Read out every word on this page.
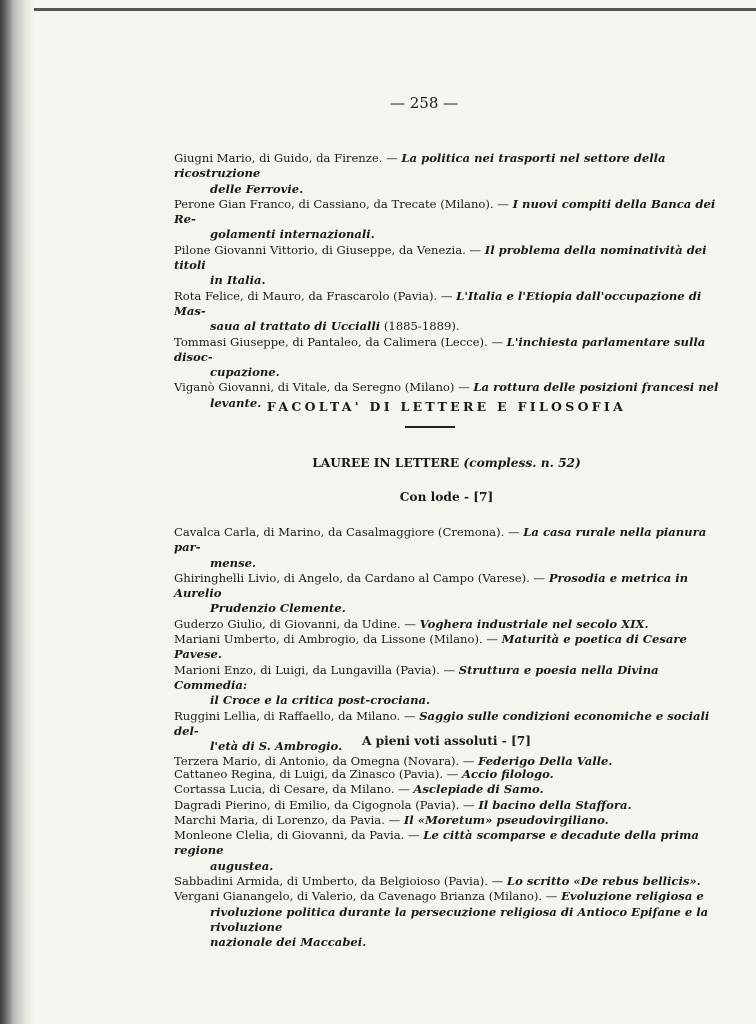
— 258 —

Giugni Mario, di Guido, da Firenze. — La politica nei trasporti nel settore della ricostruzione
delle Ferrovie.

Perone Gian Franco, di Cassiano, da Trecate (Milano). — I nuovi compiti della Banca dei Re-
golamenti internazionali.

Pilone Giovanni Vittorio, di Giuseppe, da Venezia. — Il problema della nominatività dei titoli
in Italia.

Rota Felice, di Mauro, da Frascarolo (Pavia). — L'Italia e l'Etiopia dall'occupazione di Mas-
saua al trattato di Uccialli (1885-1889).

Tommasi Giuseppe, di Pantaleo, da Calimera (Lecce). — L'inchiesta parlamentare sulla disoc-
cupazione.

Viganò Giovanni, di Vitale, da Seregno (Milano) — La rottura delle posizioni francesi nel
levante. FACOLTA' DI LETTERE E FILOSOFIA
LAUREE IN LETTERE (compless. n. 52)
Con lode - [7]

Cavalca Carla, di Marino, da Casalmaggiore (Cremona). — La casa rurale nella pianura par-
mense.

Ghiringhelli Livio, di Angelo, da Cardano al Campo (Varese). — Prosodia e metrica in Aurelio
Prudenzio Clemente.

Guderzo Giulio, di Giovanni, da Udine. — Voghera industriale nel secolo XIX.

Mariani Umberto, di Ambrogio, da Lissone (Milano). — Maturità e poetica di Cesare Pavese.

Marioni Enzo, di Luigi, da Lungavilla (Pavia). — Struttura e poesia nella Divina Commedia:
il Croce e la critica post-crociana.

Ruggini Lellia, di Raffaello, da Milano. — Saggio sulle condizioni economiche e sociali del-
l'età di S. Ambrogio.

Terzera Mario, di Antonio, da Omegna (Novara). — Federigo Della Valle.

A pieni voti assoluti - [7]

Cattaneo Regina, di Luigi, da Zinasco (Pavia). — Accio filologo.

Cortassa Lucia, di Cesare, da Milano. — Asclepiade di Samo.

Dagradi Pierino, di Emilio, da Cigognola (Pavia). — Il bacino della Staffora.

Marchi Maria, di Lorenzo, da Pavia. — Il «Moretum» pseudovirgiliano.

Monleone Clelia, di Giovanni, da Pavia. — Le città scomparse e decadute della prima regione
augustea.

Sabbadini Armida, di Umberto, da Belgioioso (Pavia). — Lo scritto «De rebus bellicis».

Vergani Gianangelo, di Valerio, da Cavenago Brianza (Milano). — Evoluzione religiosa e
rivoluzione politica durante la persecuzione religiosa di Antioco Epifane e la rivoluzione
nazionale dei Maccabei.
